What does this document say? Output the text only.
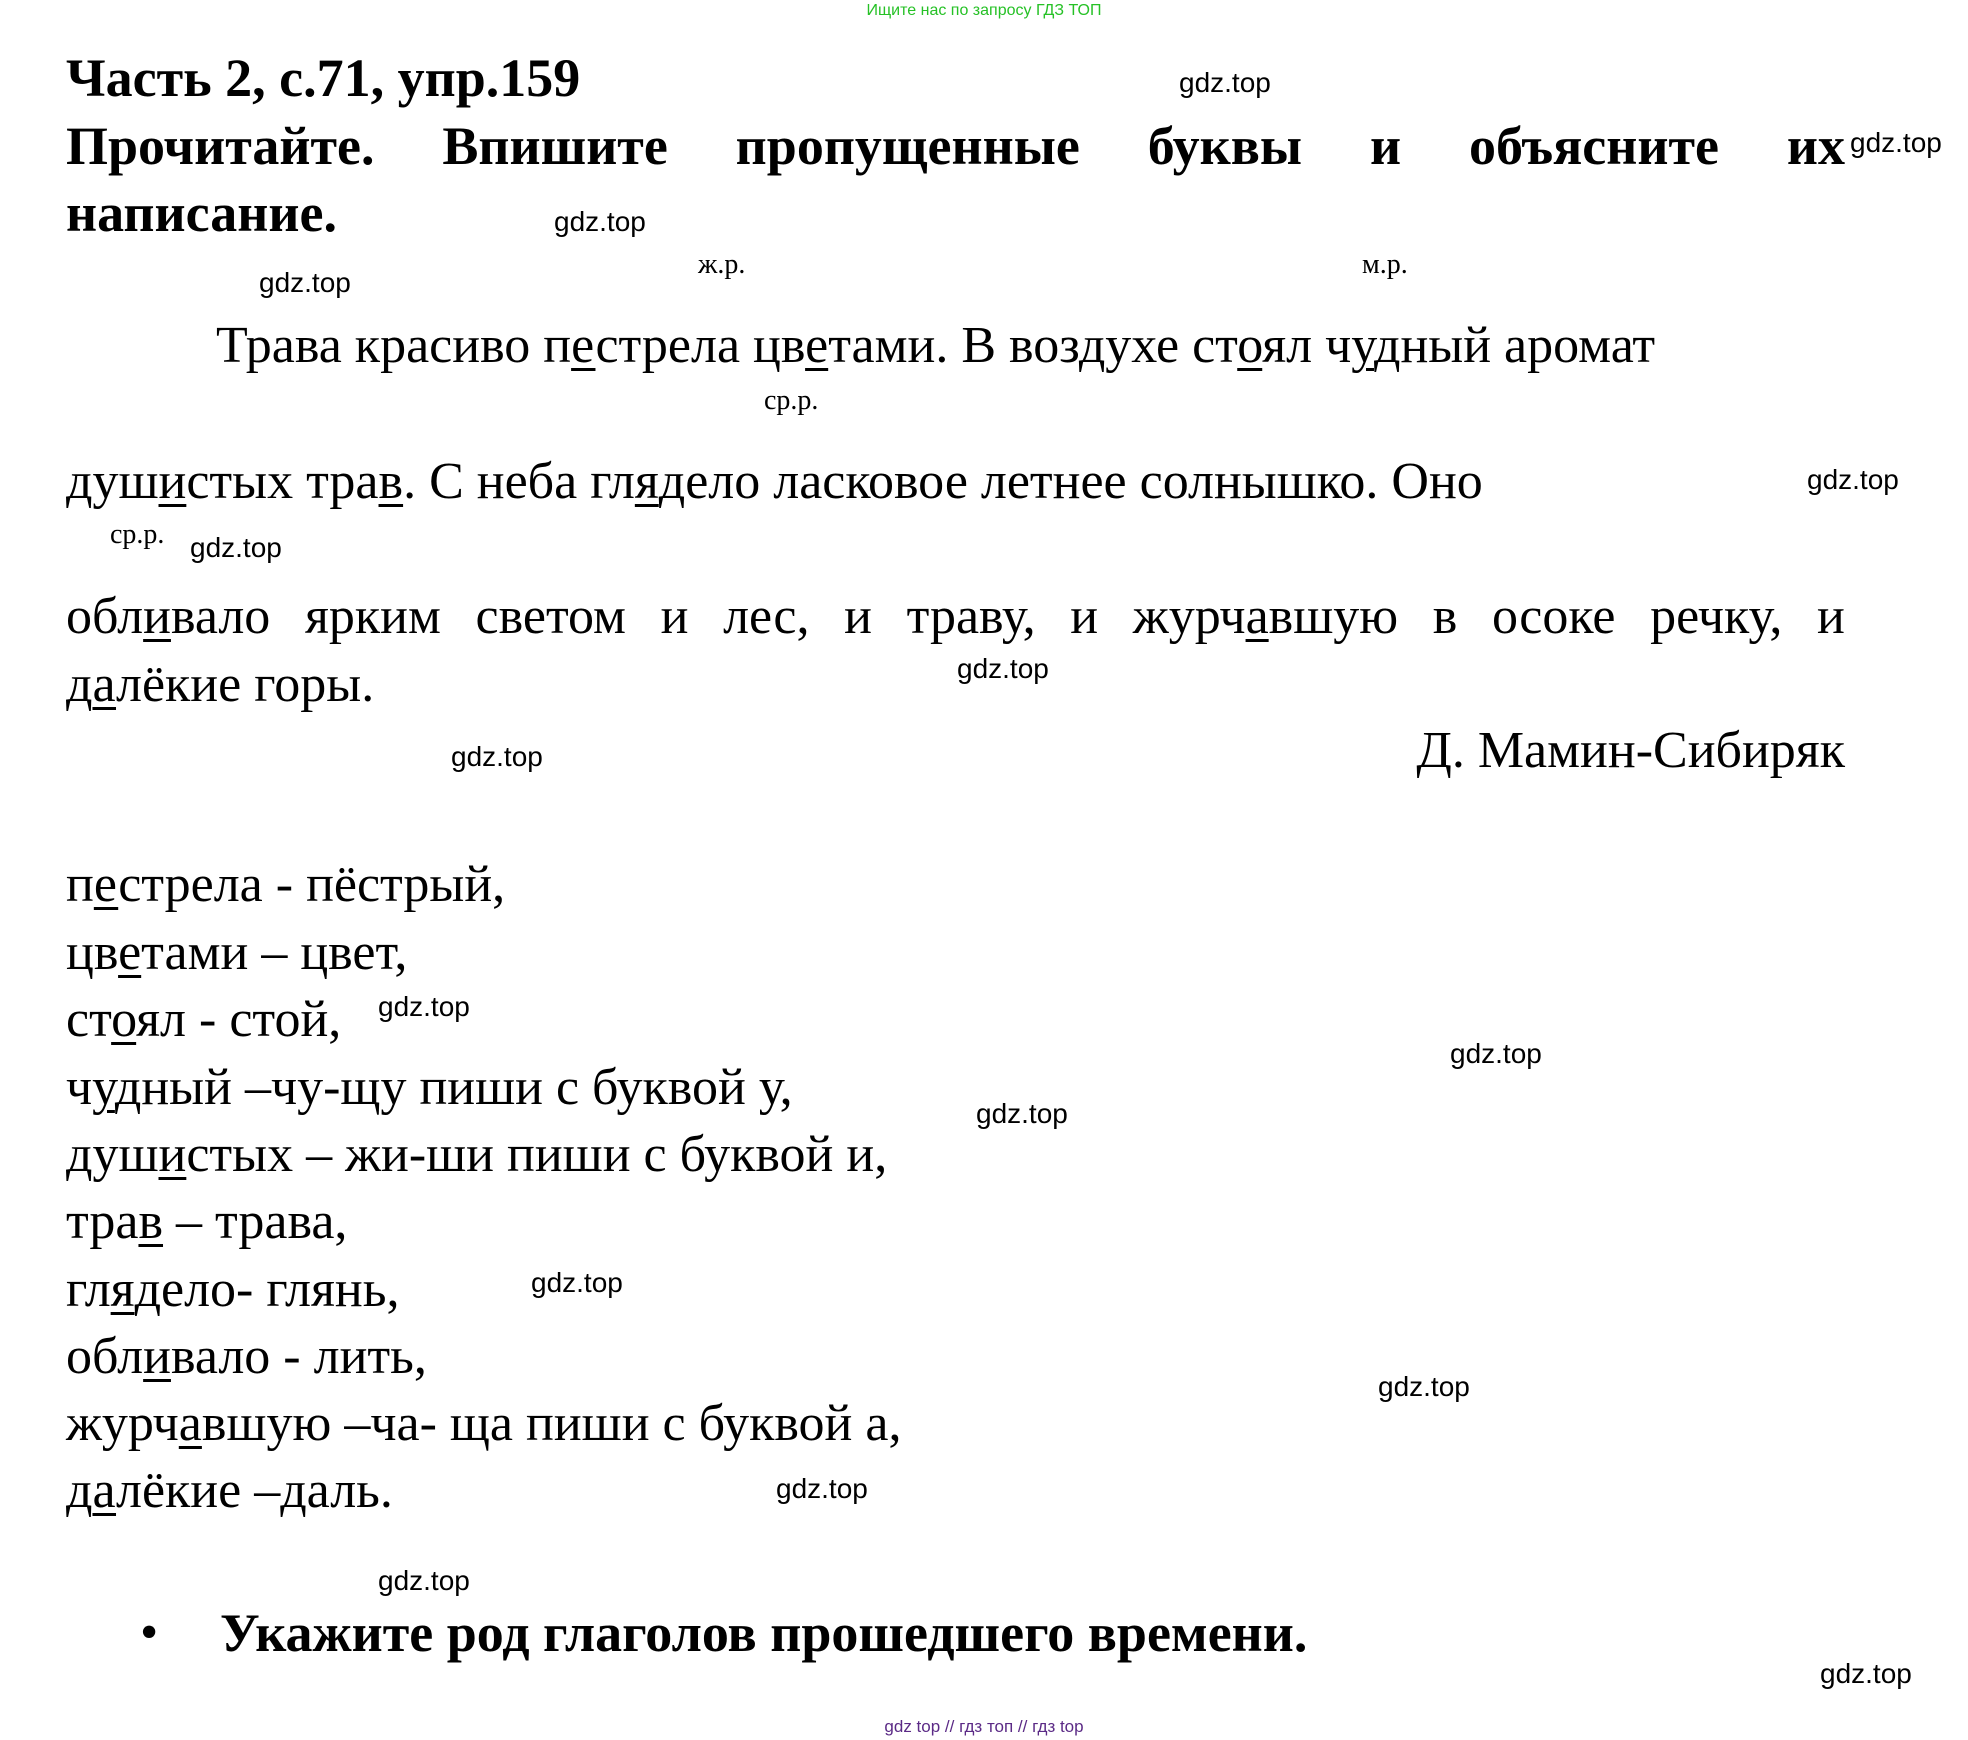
Ищите нас по запросу ГДЗ ТОП
Часть 2, с.71, упр.159
Прочитайте. Впишите пропущенные буквы и объясните их
написание.
ж.р.	м.р.
ср.р.
ср.р.
Трава красиво пестрела цветами. В воздухе стоял чудный аромат
душистых трав. С неба глядело ласковое летнее солнышко. Оно
обливало ярким светом и лес, и траву, и журчавшую в осоке речку, и
далёкие горы.
Д. Мамин-Сибиряк
пестрела - пёстрый,
цветами – цвет,
стоял - стой,
чудный –чу-щу пиши с буквой у,
душистых – жи-ши пиши с буквой и,
трав – трава,
глядело- глянь,
обливало - лить,
журчавшую –ча- ща пиши с буквой а,
далёкие –даль.
• Укажите род глаголов прошедшего времени.
gdz.top
gdz.top
gdz.top
gdz.top
gdz.top
gdz.top
gdz.top
gdz.top
gdz.top
gdz.top
gdz.top
gdz.top
gdz.top
gdz.top
gdz.top
gdz.top
gdz top // гдз топ // гдз top
